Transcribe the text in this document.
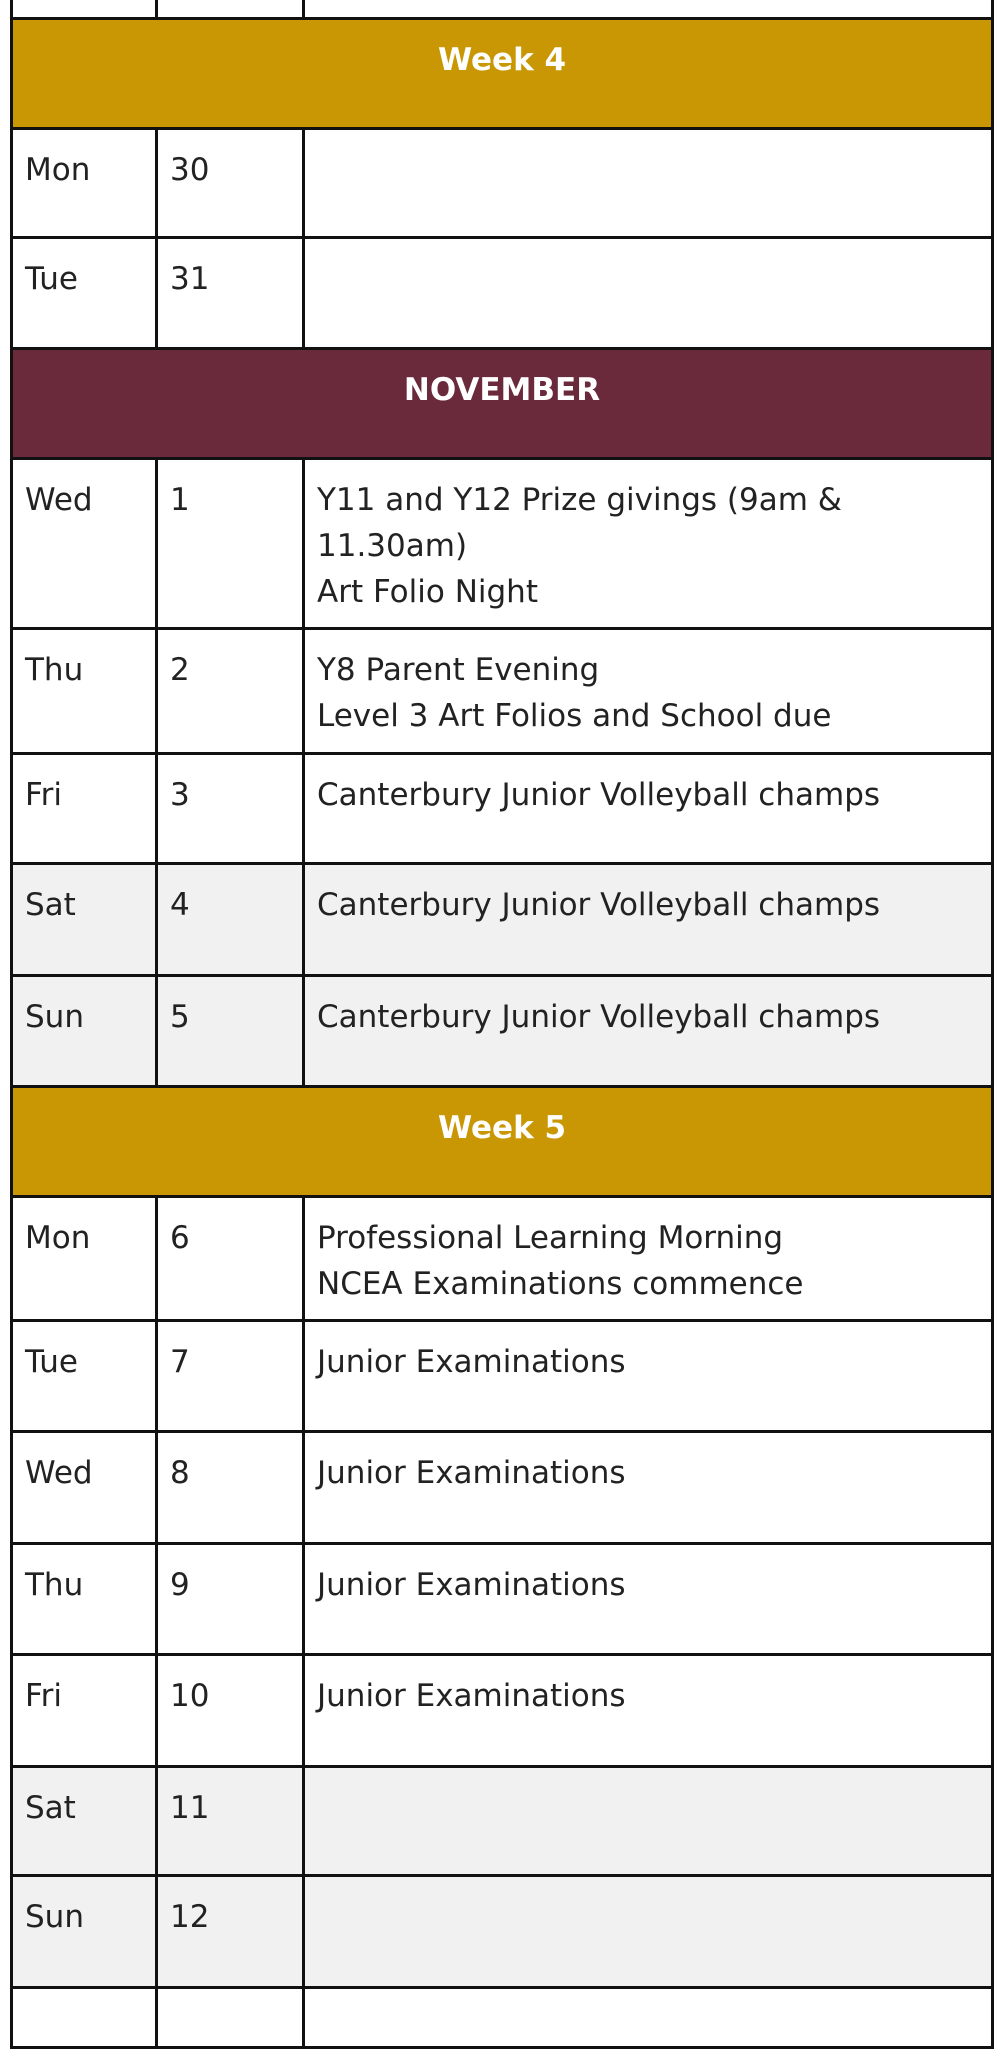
Week 4		
Mon	30	
Tue	31	
NOVEMBER		
Wed	1	Y11 and Y12 Prize givings (9am &
11.30am)
Art Folio Night
Thu	2	Y8 Parent Evening
Level 3 Art Folios and School due
Fri	3	Canterbury Junior Volleyball champs
Sat	4	Canterbury Junior Volleyball champs
Sun	5	Canterbury Junior Volleyball champs
Week 5		
Mon	6	Professional Learning Morning
NCEA Examinations commence
Tue	7	Junior Examinations
Wed	8	Junior Examinations
Thu	9	Junior Examinations
Fri	10	Junior Examinations
Sat	11	
Sun	12	
